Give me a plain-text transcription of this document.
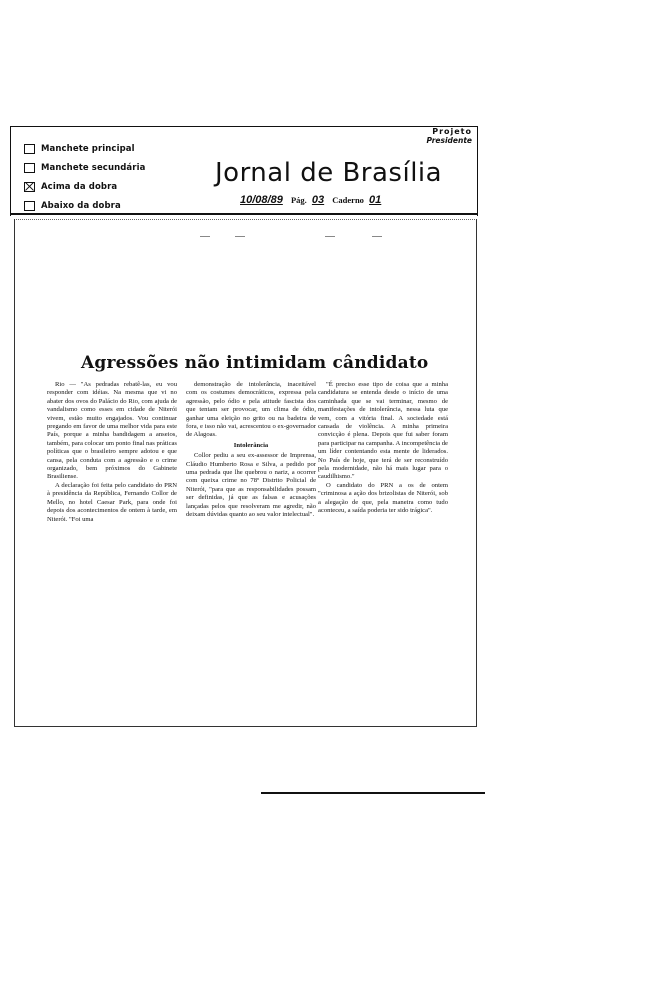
Manchete principal
Manchete secundária
Acima da dobra
Abaixo da dobra
Projeto
Presidente
Jornal de Brasília
10/08/89 Pág. 03 Caderno 01
Agressões não intimidam cândidato

Rio — "As pedradas rebatê-las, eu vou responder com idéias. Na mesma que vi no abater dos ovos do Palácio do Rio, com ajuda de vandalismo como esses em cidade de Niterói vivem, estão muito engajados. Vou continuar pregando em favor de uma melhor vida para este País, porque a minha bandidagem a anseios, também, para colocar um ponto final nas práticas políticas que o brasileiro sempre adotou e que cansa, pela conduta com a agressão e o crime organizado, bem próximos do Gabinete Brasiliense.

A declaração foi feita pelo candidato do PRN à presidência da República, Fernando Collor de Mello, no hotel Caesar Park, para onde foi depois dos acontecimentos de ontem à tarde, em Niterói. "Foi uma

demonstração de intolerância, inaceitável com os costumes democráticos, expressa pela agressão, pelo ódio e pela atitude fascista dos que tentam ser provocar, um clima de ódio, ganhar uma eleição no grito ou na badeira de fora, e isso não vai, acrescentou o ex-governador de Alagoas.

Intolerância

Collor pediu a seu ex-assessor de Imprensa, Cláudio Humberto Rosa e Silva, a pedido por uma pedrada que lhe quebrou o nariz, a ocorrer com queixa crime no 78º Distrito Policial de Niterói, "para que as responsabilidades possam ser definidas, já que as falsas e acusações lançadas pelos que resolveram me agredir, não deixam dúvidas quanto ao seu valor intelectual".

"É preciso esse tipo de coisa que a minha candidatura se entenda desde o início de uma caminhada que se vai terminar, mesmo de manifestações de intolerância, nessa luta que vem, com a vitória final. A sociedade está cansada de violência. A minha primeira convicção é plena. Depois que fui saber foram para participar na campanha. A incompetência de um líder contentando esta mente de liderados. No País de hoje, que terá de ser reconstruído pela modernidade, não há mais lugar para o caudilhismo."

O candidato do PRN a os de ontem "criminosa a ação dos brizolistas de Niterói, sob a alegação de que, pela maneira como tudo aconteceu, a saída poderia ter sido trágica".
